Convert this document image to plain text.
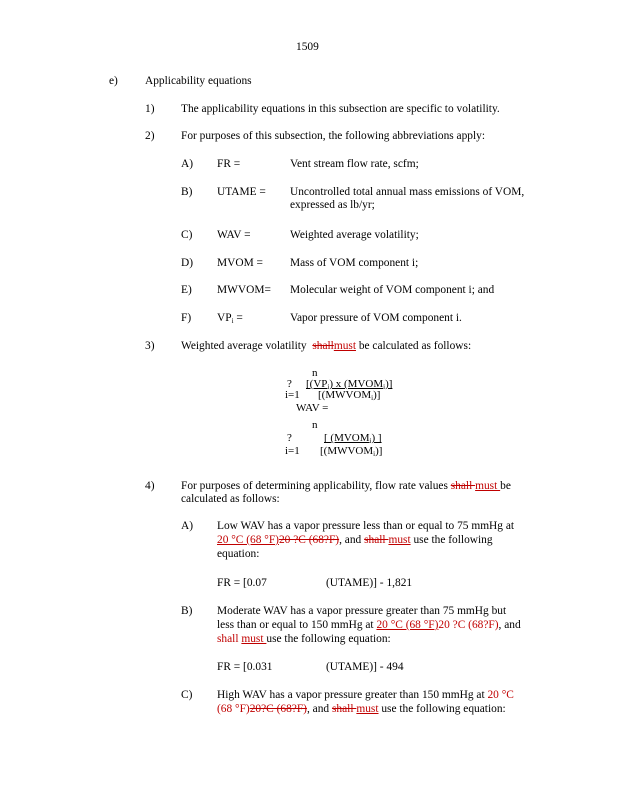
1509
e) Applicability equations
1) The applicability equations in this subsection are specific to volatility.
2) For purposes of this subsection, the following abbreviations apply:
A) FR =	Vent stream flow rate, scfm;
B) UTAME = Uncontrolled total annual mass emissions of VOM,
expressed as lb/yr;
C) WAV =	Weighted average volatility;
D) MVOM = Mass of VOM component i;
E) MWVOM= Molecular weight of VOM component i; and
F) $VP_i$ =	Vapor pressure of VOM component i.
3) Weighted average volatility shallmust be calculated as follows:
n
? [$(VP_i)$ x $(MVOM_i)$]
i=1 $[(MWVOM_i)]$
WAV =
n
?	[ $(MVOM_i)$ ]
i=1 $[(MWVOM_i)]$
4) For purposes of determining applicability, flow rate values shall must be
calculated as follows:
A) Low WAV has a vapor pressure less than or equal to 75 mmHg at
20 °C (68 °F)20 ?C (68?F), and shall must use the following
equation:
FR = [0.07	(UTAME)] - 1,821
B) Moderate WAV has a vapor pressure greater than 75 mmHg but
less than or equal to 150 mmHg at 20 °C (68 °F)20 ?C (68?F), and
shall must use the following equation:
FR = [0.031	(UTAME)] - 494
C) High WAV has a vapor pressure greater than 150 mmHg at 20 °C
(68 °F)20?C (68?F), and shall must use the following equation:
